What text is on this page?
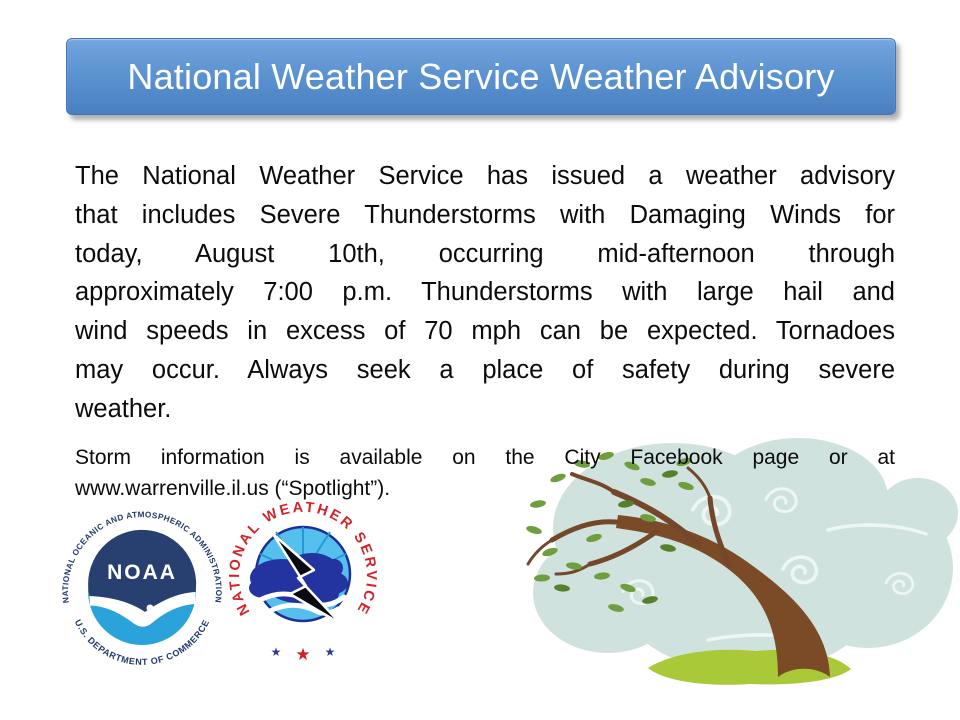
National Weather Service Weather Advisory
The National Weather Service has issued a weather advisory
that includes Severe Thunderstorms with Damaging Winds for
today, August 10th, occurring mid-afternoon through
approximately 7:00 p.m. Thunderstorms with large hail and
wind speeds in excess of 70 mph can be expected. Tornadoes
may occur. Always seek a place of safety during severe
weather.
Storm information is available on the City Facebook page or at
www.warrenville.il.us (“Spotlight”).
NOAA
NATIONAL OCEANIC AND ATMOSPHERIC ADMINISTRATION
U.S. DEPARTMENT OF COMMERCE
NATIONAL WEATHER SERVICE
★ ★ ★
